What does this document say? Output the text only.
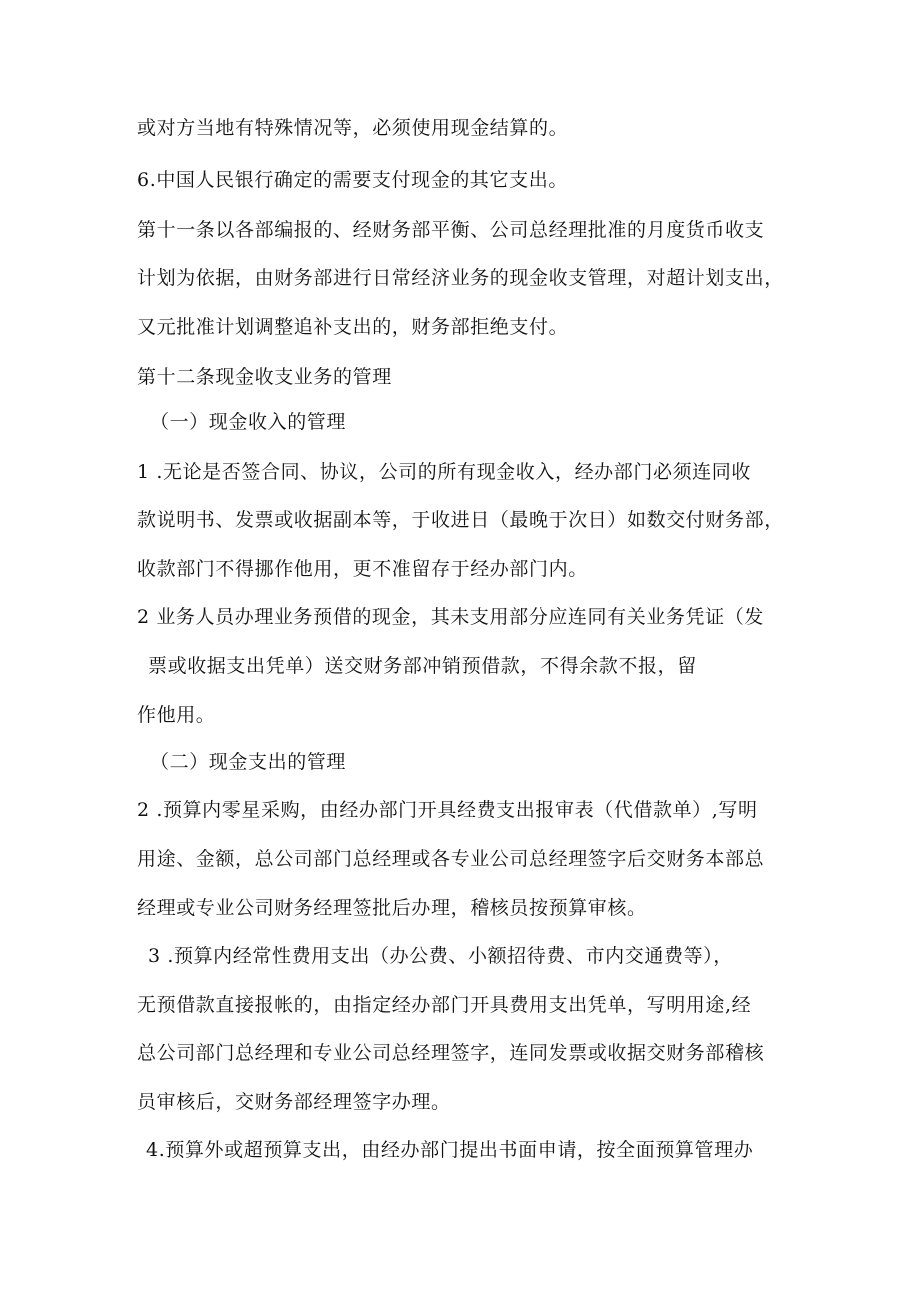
或对方当地有特殊情况等，必须使用现金结算的。
6.中国人民银行确定的需要支付现金的其它支出。
第十一条以各部编报的、经财务部平衡、公司总经理批准的月度货币收支
计划为依据，由财务部进行日常经济业务的现金收支管理，对超计划支出，
又元批准计划调整追补支出的，财务部拒绝支付。
第十二条现金收支业务的管理
（一）现金收入的管理
1 .无论是否签合同、协议，公司的所有现金收入，经办部门必须连同收
款说明书、发票或收据副本等，于收进日（最晚于次日）如数交付财务部，
收款部门不得挪作他用，更不准留存于经办部门内。
2 业务人员办理业务预借的现金，其未支用部分应连同有关业务凭证（发
票或收据支出凭单）送交财务部冲销预借款，不得余款不报，留
作他用。
（二）现金支出的管理
2 .预算内零星采购，由经办部门开具经费支出报审表（代借款单）,写明
用途、金额，总公司部门总经理或各专业公司总经理签字后交财务本部总
经理或专业公司财务经理签批后办理，稽核员按预算审核。
3 .预算内经常性费用支出（办公费、小额招待费、市内交通费等），
无预借款直接报帐的，由指定经办部门开具费用支出凭单，写明用途,经
总公司部门总经理和专业公司总经理签字，连同发票或收据交财务部稽核
员审核后，交财务部经理签字办理。
4.预算外或超预算支出，由经办部门提出书面申请，按全面预算管理办
